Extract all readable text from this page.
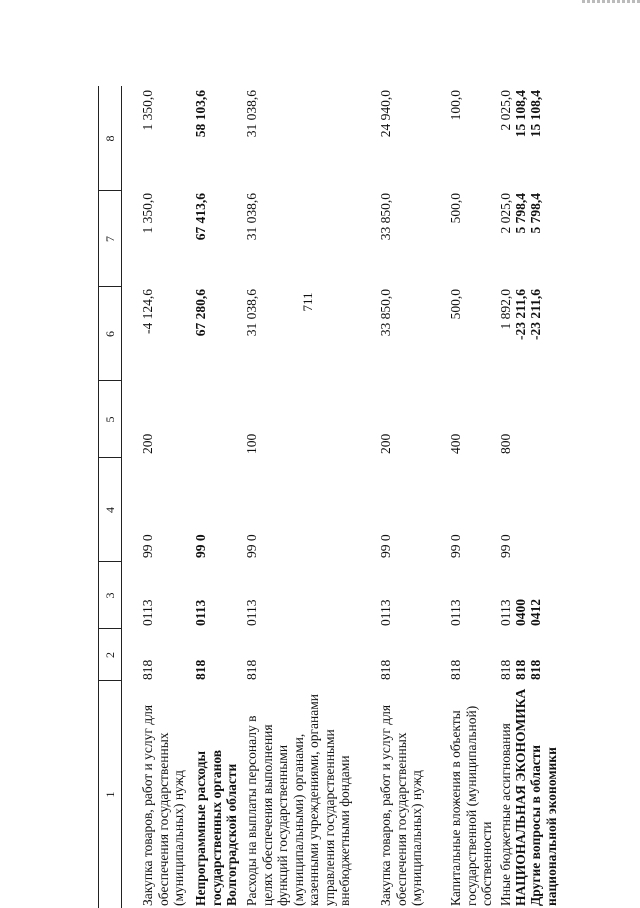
711
1
2
3
4
5
6
7
8
Закупка товаров, работ и услуг для обеспечения государственных (муниципальных) нужд
818
0113
99 0
200
-4 124,6
1 350,0
1 350,0
Непрограммные расходы государственных органов Волгоградской области
818
0113
99 0
67 280,6
67 413,6
58 103,6
Расходы на выплаты персоналу в целях обеспечения выполнения функций государственными (муниципальными) органами, казенными учреждениями, органами управления государственными внебюджетными фондами
818
0113
99 0
100
31 038,6
31 038,6
31 038,6
Закупка товаров, работ и услуг для обеспечения государственных (муниципальных) нужд
818
0113
99 0
200
33 850,0
33 850,0
24 940,0
Капитальные вложения в объекты государственной (муниципальной) собственности
818
0113
99 0
400
500,0
500,0
100,0
Иные бюджетные ассигнования
818
0113
99 0
800
1 892,0
2 025,0
2 025,0
НАЦИОНАЛЬНАЯ ЭКОНОМИКА
818
0400
-23 211,6
5 798,4
15 108,4
Другие вопросы в области национальной экономики
818
0412
-23 211,6
5 798,4
15 108,4
